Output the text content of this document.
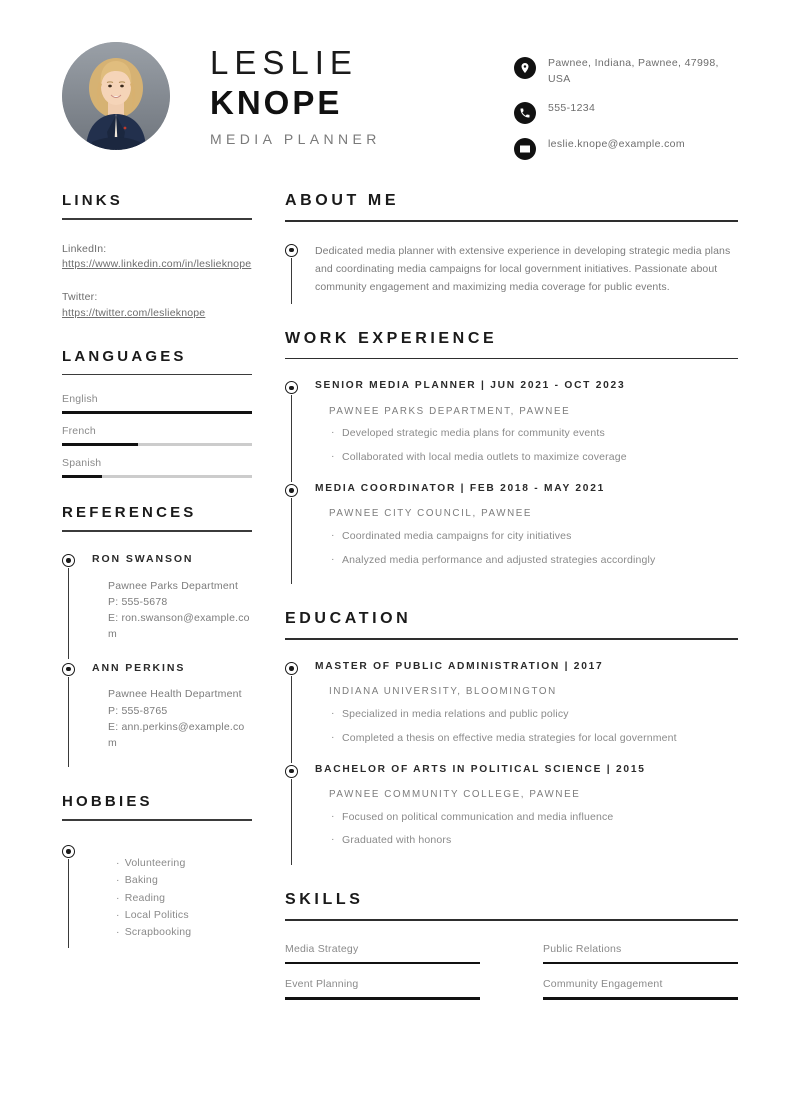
LESLIE
KNOPE
MEDIA PLANNER
Pawnee, Indiana, Pawnee, 47998, USA
555-1234
leslie.knope@example.com
LINKS
LinkedIn:
https://www.linkedin.com/in/leslieknope
Twitter:
https://twitter.com/leslieknope
LANGUAGES
English
French
Spanish
REFERENCES
RON SWANSON
Pawnee Parks Department
P: 555-5678
E: ron.swanson@example.com
ANN PERKINS
Pawnee Health Department
P: 555-8765
E: ann.perkins@example.com
HOBBIES
· Volunteering
· Baking
· Reading
· Local Politics
· Scrapbooking
ABOUT ME
Dedicated media planner with extensive experience in developing strategic media plans and coordinating media campaigns for local government initiatives. Passionate about community engagement and maximizing media coverage for public events.
WORK EXPERIENCE
SENIOR MEDIA PLANNER | JUN 2021 - OCT 2023
PAWNEE PARKS DEPARTMENT, PAWNEE
· Developed strategic media plans for community events
· Collaborated with local media outlets to maximize coverage
MEDIA COORDINATOR | FEB 2018 - MAY 2021
PAWNEE CITY COUNCIL, PAWNEE
· Coordinated media campaigns for city initiatives
· Analyzed media performance and adjusted strategies accordingly
EDUCATION
MASTER OF PUBLIC ADMINISTRATION | 2017
INDIANA UNIVERSITY, BLOOMINGTON
· Specialized in media relations and public policy
· Completed a thesis on effective media strategies for local government
BACHELOR OF ARTS IN POLITICAL SCIENCE | 2015
PAWNEE COMMUNITY COLLEGE, PAWNEE
· Focused on political communication and media influence
· Graduated with honors
SKILLS
Media Strategy	Public Relations
Event Planning	Community Engagement
